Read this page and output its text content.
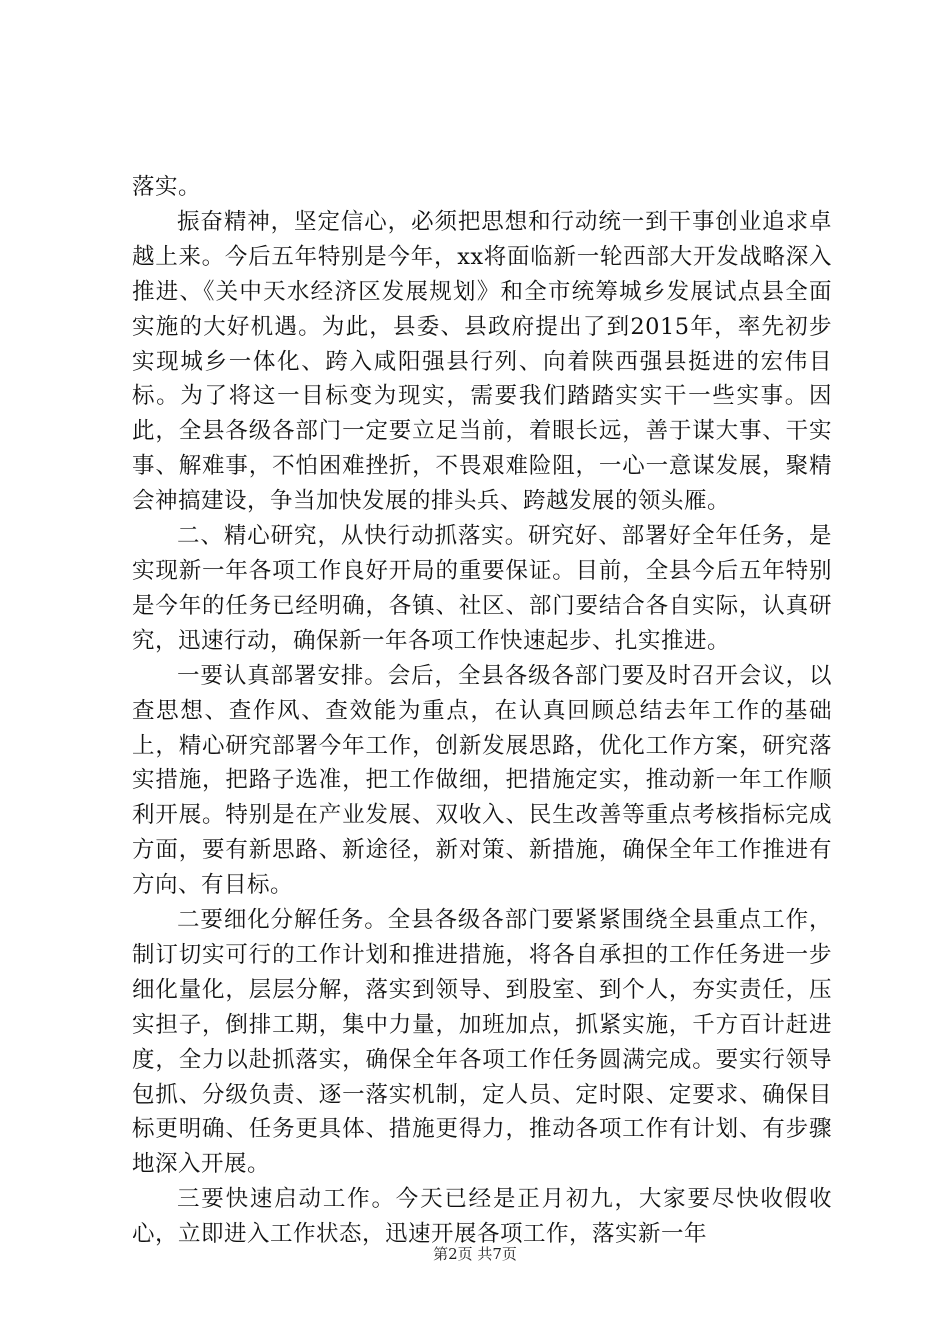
落实。

振奋精神，坚定信心，必须把思想和行动统一到干事创业追求卓越上来。今后五年特别是今年，xx将面临新一轮西部大开发战略深入推进、《关中天水经济区发展规划》和全市统筹城乡发展试点县全面实施的大好机遇。为此，县委、县政府提出了到2015年，率先初步实现城乡一体化、跨入咸阳强县行列、向着陕西强县挺进的宏伟目标。为了将这一目标变为现实，需要我们踏踏实实干一些实事。因此，全县各级各部门一定要立足当前，着眼长远，善于谋大事、干实事、解难事，不怕困难挫折，不畏艰难险阻，一心一意谋发展，聚精会神搞建设，争当加快发展的排头兵、跨越发展的领头雁。

二、精心研究，从快行动抓落实。研究好、部署好全年任务，是实现新一年各项工作良好开局的重要保证。目前，全县今后五年特别是今年的任务已经明确，各镇、社区、部门要结合各自实际，认真研究，迅速行动，确保新一年各项工作快速起步、扎实推进。

一要认真部署安排。会后，全县各级各部门要及时召开会议，以查思想、查作风、查效能为重点，在认真回顾总结去年工作的基础上，精心研究部署今年工作，创新发展思路，优化工作方案，研究落实措施，把路子选准，把工作做细，把措施定实，推动新一年工作顺利开展。特别是在产业发展、双收入、民生改善等重点考核指标完成方面，要有新思路、新途径，新对策、新措施，确保全年工作推进有方向、有目标。

二要细化分解任务。全县各级各部门要紧紧围绕全县重点工作，制订切实可行的工作计划和推进措施，将各自承担的工作任务进一步细化量化，层层分解，落实到领导、到股室、到个人，夯实责任，压实担子，倒排工期，集中力量，加班加点，抓紧实施，千方百计赶进度，全力以赴抓落实，确保全年各项工作任务圆满完成。要实行领导包抓、分级负责、逐一落实机制，定人员、定时限、定要求、确保目标更明确、任务更具体、措施更得力，推动各项工作有计划、有步骤地深入开展。

三要快速启动工作。今天已经是正月初九，大家要尽快收假收心，立即进入工作状态，迅速开展各项工作，落实新一年

第2页 共7页
